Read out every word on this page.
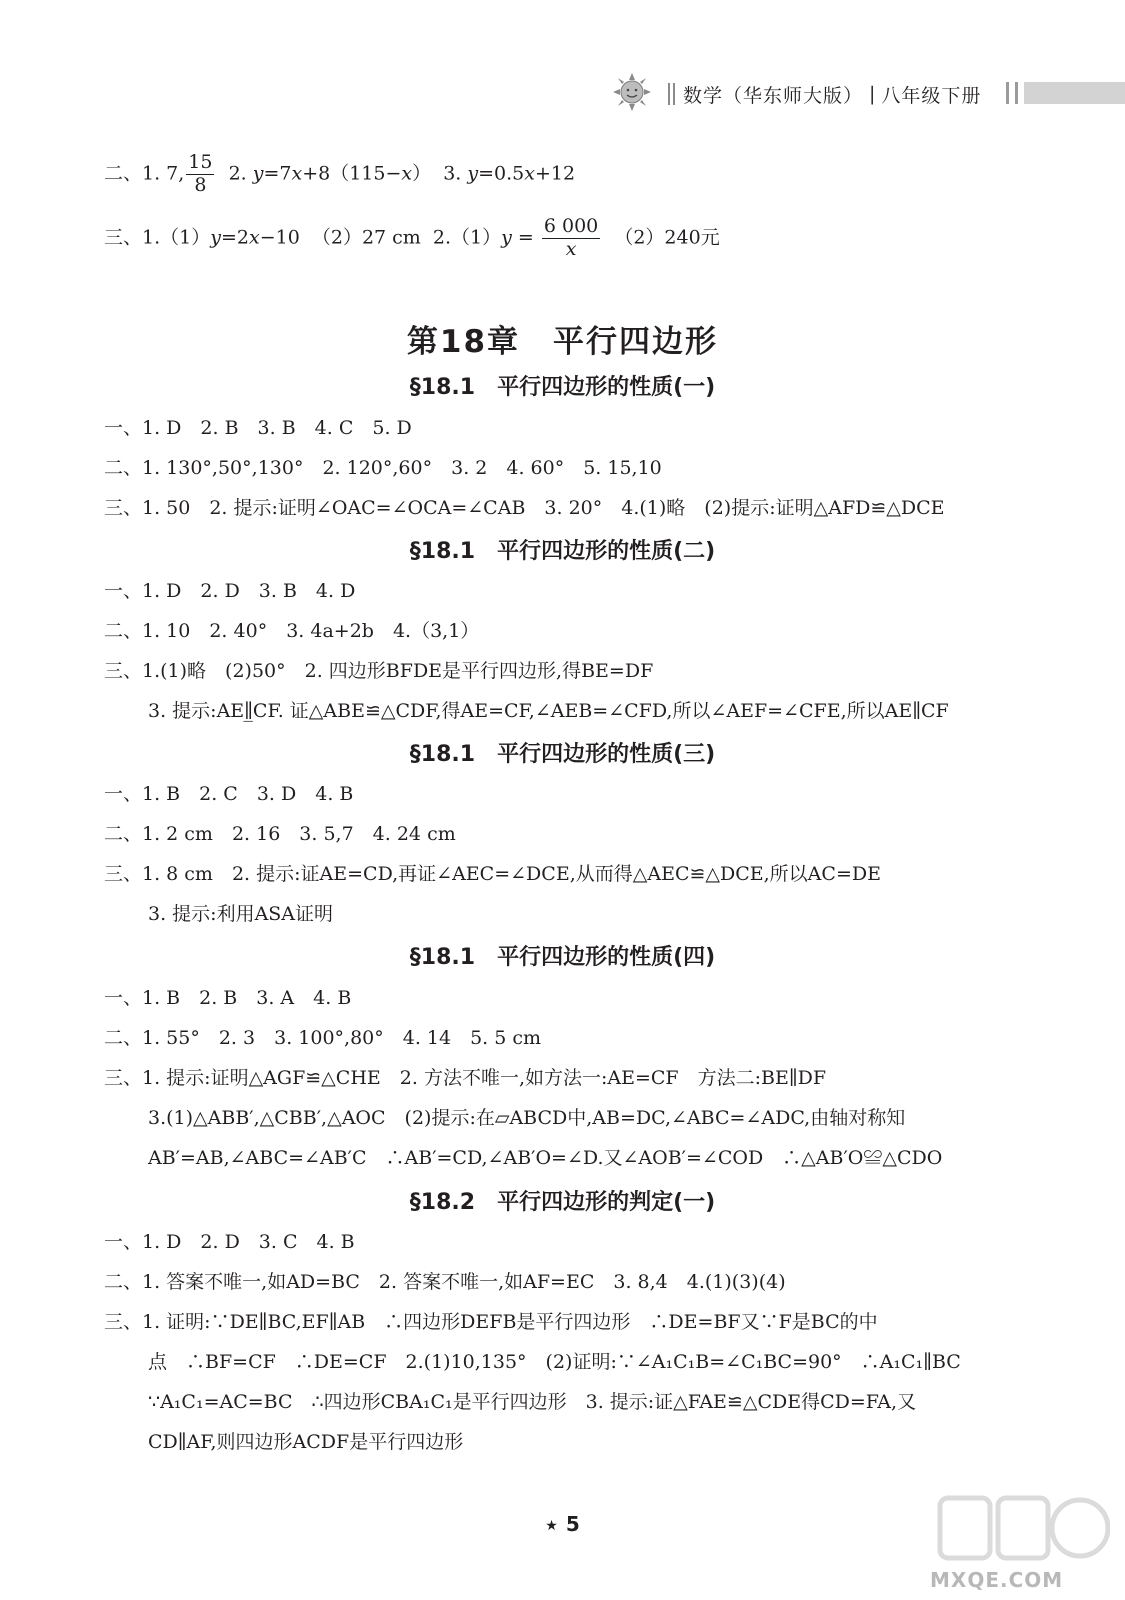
数学（华东师大版） | 八年级下册
二、1. 7, $\frac{15}{8} 2$. y=7x+8（115−x）  3. y=0.5x+12
三、1.（1）y=2x−10  （2）27 cm  $2.(1)y = \frac{6 000}{x} (2)240$元
第18章　平行四边形
§18.1　平行四边形的性质(一)
一、1. D　2. B　3. B　4. C　5. D
二、1. 130°,50°,130°　2. 120°,60°　3. 2　4. 60°　5. 15,10
三、1. 50　2. 提示:证明∠OAC=∠OCA=∠CAB　3. 20°　4.(1)略　(2)提示:证明△AFD≌△DCE
§18.1　平行四边形的性质(二)
一、1. D　2. D　3. B　4. D
二、1. 10　2. 40°　3. 4a+2b　4.（3,1）
三、1.(1)略　(2)50°　2. 四边形BFDE是平行四边形,得BE=DF
3. 提示:AE∥̲CF. 证△ABE≌△CDF,得AE=CF,∠AEB=∠CFD,所以∠AEF=∠CFE,所以AE∥CF
§18.1　平行四边形的性质(三)
一、1. B　2. C　3. D　4. B
二、1. 2 cm　2. 16　3. 5,7　4. 24 cm
三、1. 8 cm　2. 提示:证AE=CD,再证∠AEC=∠DCE,从而得△AEC≌△DCE,所以AC=DE
3. 提示:利用ASA证明
§18.1　平行四边形的性质(四)
一、1. B　2. B　3. A　4. B
二、1. 55°　2. 3　3. 100°,80°　4. 14　5. 5 cm
三、1. 提示:证明△AGF≌△CHE　2. 方法不唯一,如方法一:AE=CF　方法二:BE∥DF
3.(1)△ABB′,△CBB′,△AOC　(2)提示:在▱ABCD中,AB=DC,∠ABC=∠ADC,由轴对称知
AB′=AB,∠ABC=∠AB′C　∴AB′=CD,∠AB′O=∠D.又∠AOB′=∠COD　∴△AB′O≌△CDO
§18.2　平行四边形的判定(一)
一、1. D　2. D　3. C　4. B
二、1. 答案不唯一,如AD=BC　2. 答案不唯一,如AF=EC　3. 8,4　4.(1)(3)(4)
三、1. 证明:∵DE∥BC,EF∥AB　∴四边形DEFB是平行四边形　∴DE=BF又∵F是BC的中
点　∴BF=CF　∴DE=CF　2.(1)10,135°　(2)证明:∵∠A₁C₁B=∠C₁BC=90°　∴A₁C₁∥BC
∵A₁C₁=AC=BC　∴四边形CBA₁C₁是平行四边形　3. 提示:证△FAE≌△CDE得CD=FA,又
CD∥AF,则四边形ACDF是平行四边形
★ 5
MXQE.COM
